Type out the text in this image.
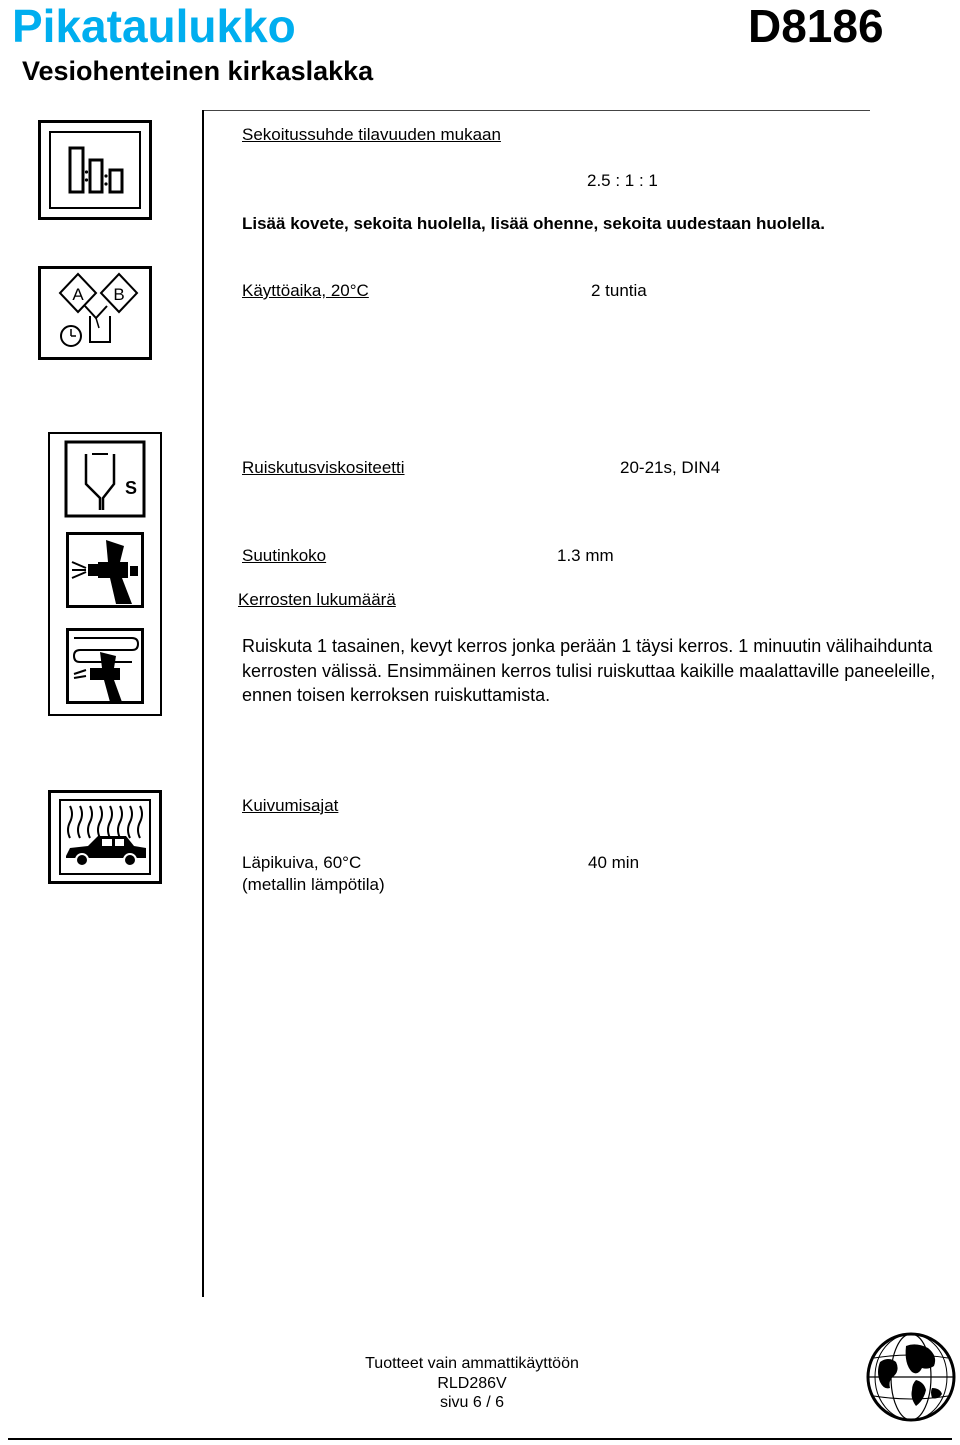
Pikataulukko	D8186
Vesiohenteinen kirkaslakka
Sekoitussuhde tilavuuden mukaan
2.5 : 1 : 1
Lisää kovete, sekoita huolella, lisää ohenne, sekoita uudestaan huolella.
A B	Käyttöaika, 20°C	2 tuntia
S
Ruiskutusviskositeetti	20-21s, DIN4
Suutinkoko	1.3 mm
Kerrosten lukumäärä
Ruiskuta 1 tasainen, kevyt kerros jonka perään 1 täysi kerros. 1 minuutin välihaihdunta kerrosten välissä. Ensimmäinen kerros tulisi ruiskuttaa kaikille maalattaville paneeleille, ennen toisen kerroksen ruiskuttamista.
Kuivumisajat
Läpikuiva, 60°C
(metallin lämpötila)
40 min
Tuotteet vain ammattikäyttöön
RLD286V
sivu 6 / 6
